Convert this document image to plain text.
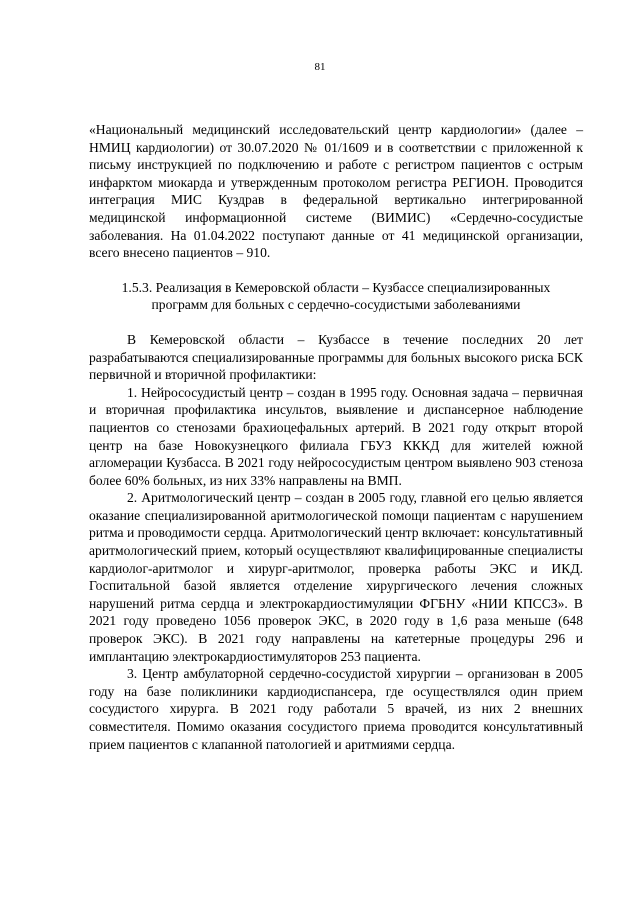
81

«Национальный медицинский исследовательский центр кардиологии» (далее – НМИЦ кардиологии) от 30.07.2020 № 01/1609 и в соответствии с приложенной к письму инструкцией по подключению и работе с регистром пациентов с острым инфарктом миокарда и утвержденным протоколом регистра РЕГИОН. Проводится интеграция МИС Куздрав в федеральной вертикально интегрированной медицинской информационной системе (ВИМИС) «Сердечно-сосудистые заболевания. На 01.04.2022 поступают данные от 41 медицинской организации, всего внесено пациентов – 910.

1.5.3. Реализация в Кемеровской области – Кузбассе специализированных программ для больных с сердечно-сосудистыми заболеваниями

В Кемеровской области – Кузбассе в течение последних 20 лет разрабатываются специализированные программы для больных высокого риска БСК первичной и вторичной профилактики:

1. Нейрососудистый центр – создан в 1995 году. Основная задача – первичная и вторичная профилактика инсультов, выявление и диспансерное наблюдение пациентов со стенозами брахиоцефальных артерий. В 2021 году открыт второй центр на базе Новокузнецкого филиала ГБУЗ КККД для жителей южной агломерации Кузбасса. В 2021 году нейрососудистым центром выявлено 903 стеноза более 60% больных, из них 33% направлены на ВМП.

2. Аритмологический центр – создан в 2005 году, главной его целью является оказание специализированной аритмологической помощи пациентам с нарушением ритма и проводимости сердца. Аритмологический центр включает: консультативный аритмологический прием, который осуществляют квалифицированные специалисты кардиолог-аритмолог и хирург-аритмолог, проверка работы ЭКС и ИКД. Госпитальной базой является отделение хирургического лечения сложных нарушений ритма сердца и электрокардиостимуляции ФГБНУ «НИИ КПССЗ». В 2021 году проведено 1056 проверок ЭКС, в 2020 году в 1,6 раза меньше (648 проверок ЭКС). В 2021 году направлены на катетерные процедуры 296 и имплантацию электрокардиостимуляторов 253 пациента.

3. Центр амбулаторной сердечно-сосудистой хирургии – организован в 2005 году на базе поликлиники кардиодиспансера, где осуществлялся один прием сосудистого хирурга. В 2021 году работали 5 врачей, из них 2 внешних совместителя. Помимо оказания сосудистого приема проводится консультативный прием пациентов с клапанной патологией и аритмиями сердца.
